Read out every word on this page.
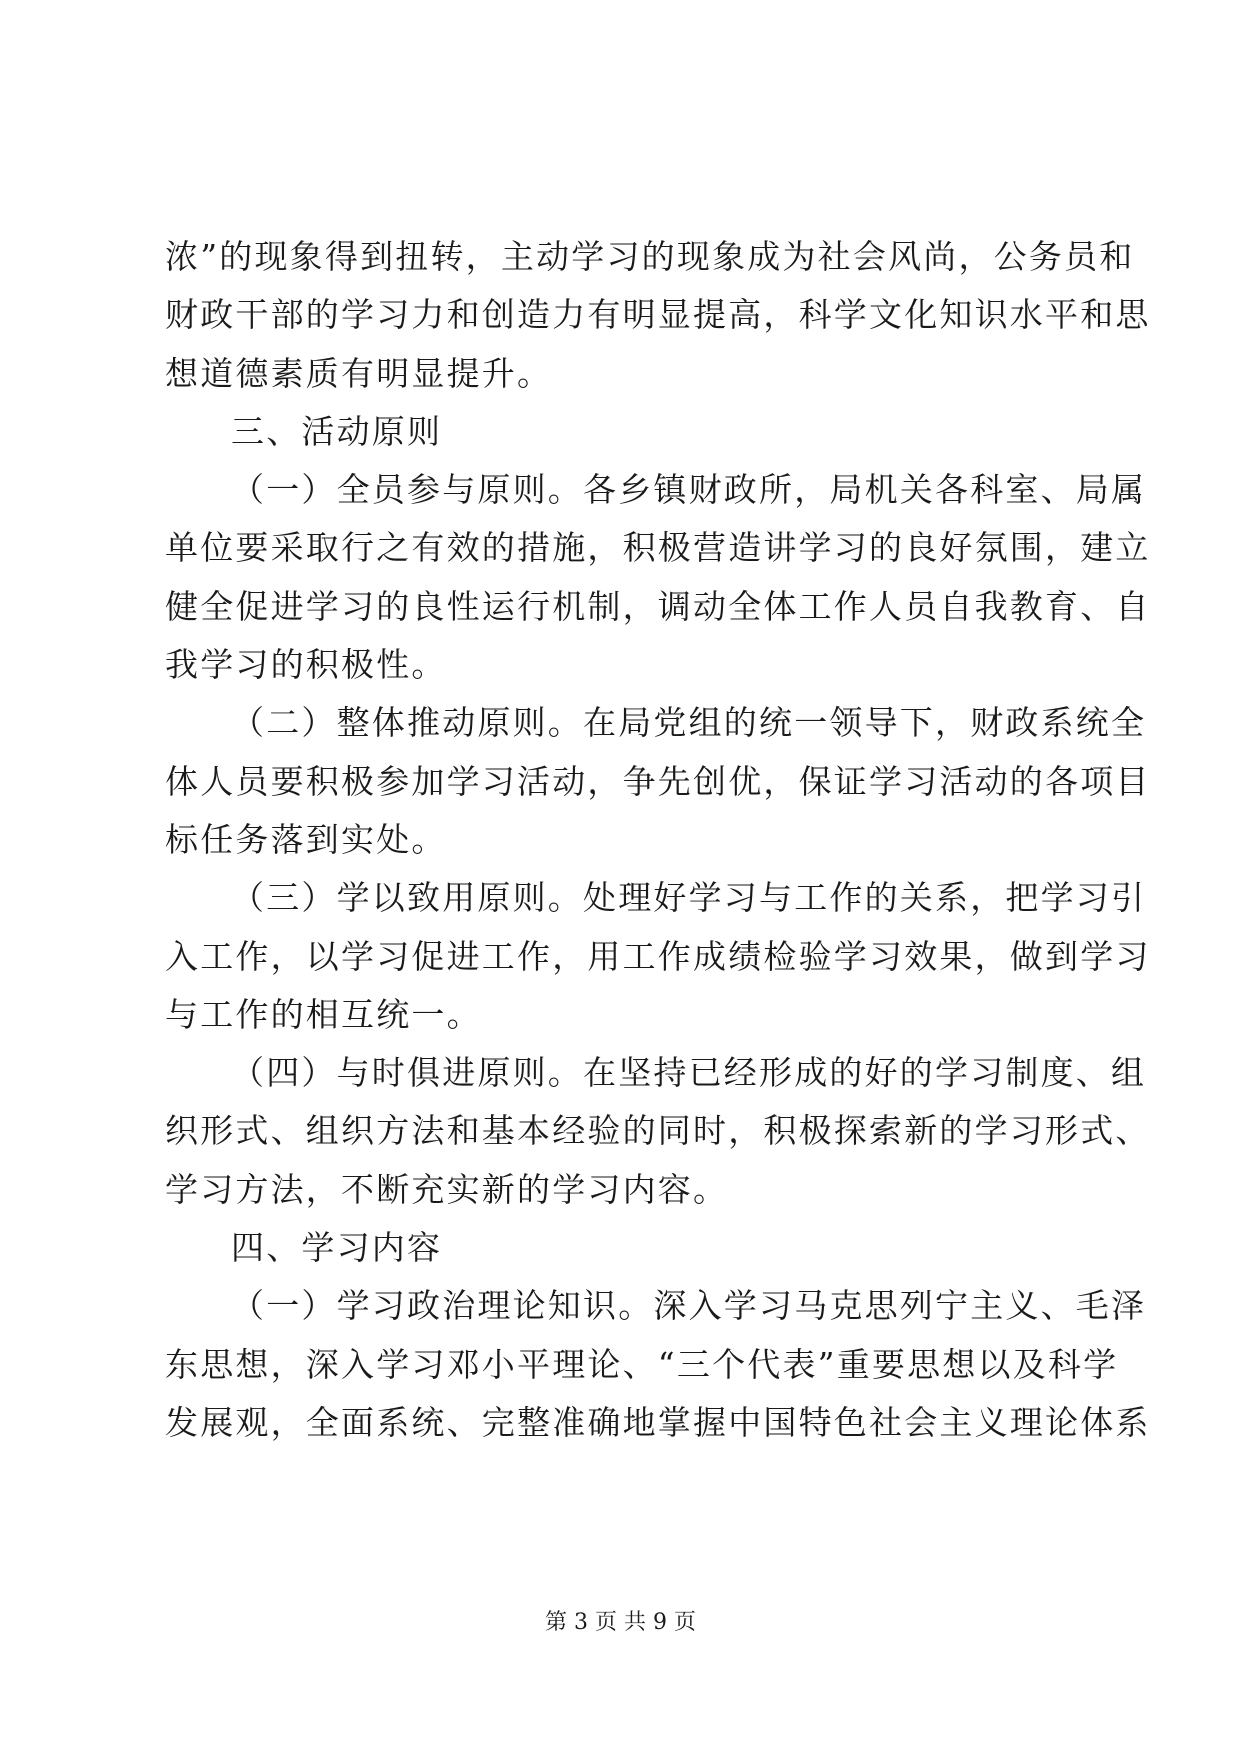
浓”的现象得到扭转，主动学习的现象成为社会风尚，公务员和
财政干部的学习力和创造力有明显提高，科学文化知识水平和思
想道德素质有明显提升。
三、活动原则
（一）全员参与原则。各乡镇财政所，局机关各科室、局属
单位要采取行之有效的措施，积极营造讲学习的良好氛围，建立
健全促进学习的良性运行机制，调动全体工作人员自我教育、自
我学习的积极性。
（二）整体推动原则。在局党组的统一领导下，财政系统全
体人员要积极参加学习活动，争先创优，保证学习活动的各项目
标任务落到实处。
（三）学以致用原则。处理好学习与工作的关系，把学习引
入工作，以学习促进工作，用工作成绩检验学习效果，做到学习
与工作的相互统一。
（四）与时俱进原则。在坚持已经形成的好的学习制度、组
织形式、组织方法和基本经验的同时，积极探索新的学习形式、
学习方法，不断充实新的学习内容。
四、学习内容
（一）学习政治理论知识。深入学习马克思列宁主义、毛泽
东思想，深入学习邓小平理论、“三个代表”重要思想以及科学
发展观，全面系统、完整准确地掌握中国特色社会主义理论体系
第 3 页 共 9 页
